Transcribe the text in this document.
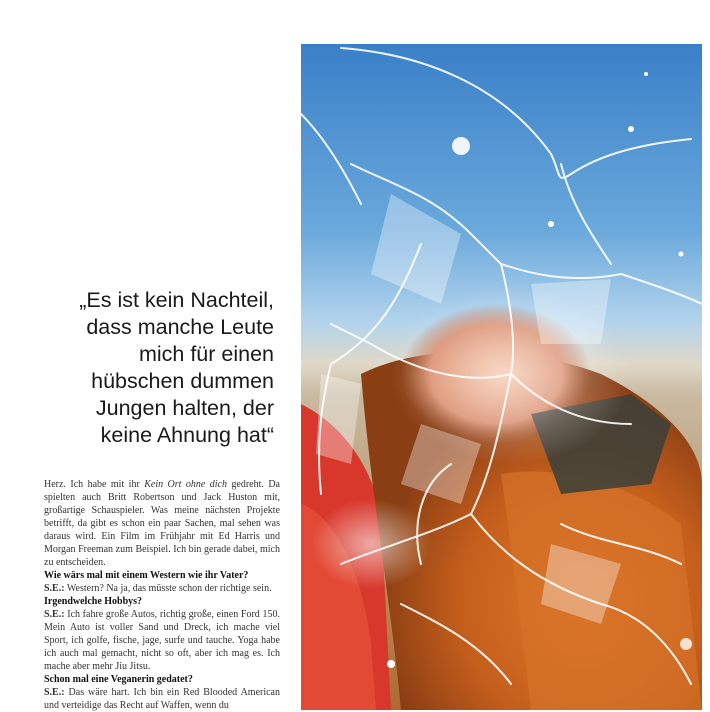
„Es ist kein Nachteil,
dass manche Leute
mich für einen
hübschen dummen
Jungen halten, der
keine Ahnung hat“

Herz. Ich habe mit ihr Kein Ort ohne dich gedreht. Da spielten auch Britt Robertson und Jack Huston mit, großartige Schauspieler. Was meine nächsten Projekte betrifft, da gibt es schon ein paar Sachen, mal sehen was daraus wird. Ein Film im Frühjahr mit Ed Harris und Morgan Freeman zum Beispiel. Ich bin gerade dabei, mich zu entscheiden.

Wie wärs mal mit einem Western wie ihr Vater?

S.E.: Western? Na ja, das müsste schon der richtige sein.

Irgendwelche Hobbys?

S.E.: Ich fahre große Autos, richtig große, einen Ford 150. Mein Auto ist voller Sand und Dreck, ich mache viel Sport, ich golfe, fische, jage, surfe und tauche. Yoga habe ich auch mal gemacht, nicht so oft, aber ich mag es. Ich mache aber mehr Jiu Jitsu.

Schon mal eine Veganerin gedatet?

S.E.: Das wäre hart. Ich bin ein Red Blooded American und verteidige das Recht auf Waffen, wenn du
